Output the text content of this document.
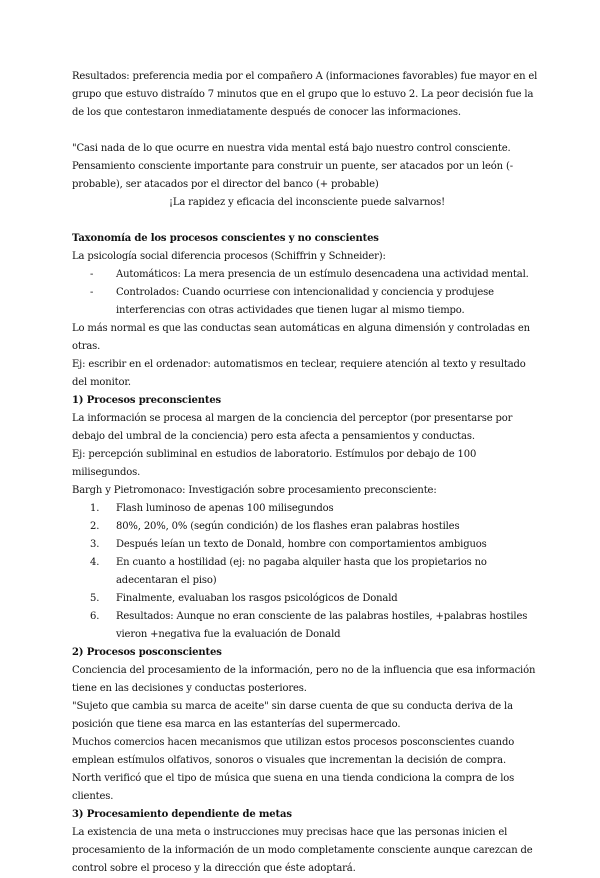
Resultados: preferencia media por el compañero A (informaciones favorables) fue mayor en el grupo que estuvo distraído 7 minutos que en el grupo que lo estuvo 2. La peor decisión fue la de los que contestaron inmediatamente después de conocer las informaciones.

"Casi nada de lo que ocurre en nuestra vida mental está bajo nuestro control consciente.

Pensamiento consciente importante para construir un puente, ser atacados por un león (- probable), ser atacados por el director del banco (+ probable)

¡La rapidez y eficacia del inconsciente puede salvarnos!

Taxonomía de los procesos conscientes y no conscientes

La psicología social diferencia procesos (Schiffrin y Schneider):

- Automáticos: La mera presencia de un estímulo desencadena una actividad mental.
- Controlados: Cuando ocurriese con intencionalidad y conciencia y produjese interferencias con otras actividades que tienen lugar al mismo tiempo.

Lo más normal es que las conductas sean automáticas en alguna dimensión y controladas en otras.

Ej: escribir en el ordenador: automatismos en teclear, requiere atención al texto y resultado del monitor.

1) Procesos preconscientes

La información se procesa al margen de la conciencia del perceptor (por presentarse por debajo del umbral de la conciencia) pero esta afecta a pensamientos y conductas.

Ej: percepción subliminal en estudios de laboratorio. Estímulos por debajo de 100 milisegundos.

Bargh y Pietromonaco: Investigación sobre procesamiento preconsciente:

1. Flash luminoso de apenas 100 milisegundos
2. 80%, 20%, 0% (según condición) de los flashes eran palabras hostiles
3. Después leían un texto de Donald, hombre con comportamientos ambiguos
4. En cuanto a hostilidad (ej: no pagaba alquiler hasta que los propietarios no adecentaran el piso)
5. Finalmente, evaluaban los rasgos psicológicos de Donald
6. Resultados: Aunque no eran consciente de las palabras hostiles, +palabras hostiles vieron +negativa fue la evaluación de Donald

2) Procesos posconscientes

Conciencia del procesamiento de la información, pero no de la influencia que esa información tiene en las decisiones y conductas posteriores.

"Sujeto que cambia su marca de aceite" sin darse cuenta de que su conducta deriva de la posición que tiene esa marca en las estanterías del supermercado.

Muchos comercios hacen mecanismos que utilizan estos procesos posconscientes cuando emplean estímulos olfativos, sonoros o visuales que incrementan la decisión de compra.

North verificó que el tipo de música que suena en una tienda condiciona la compra de los clientes.

3) Procesamiento dependiente de metas

La existencia de una meta o instrucciones muy precisas hace que las personas inicien el procesamiento de la información de un modo completamente consciente aunque carezcan de control sobre el proceso y la dirección que éste adoptará.
